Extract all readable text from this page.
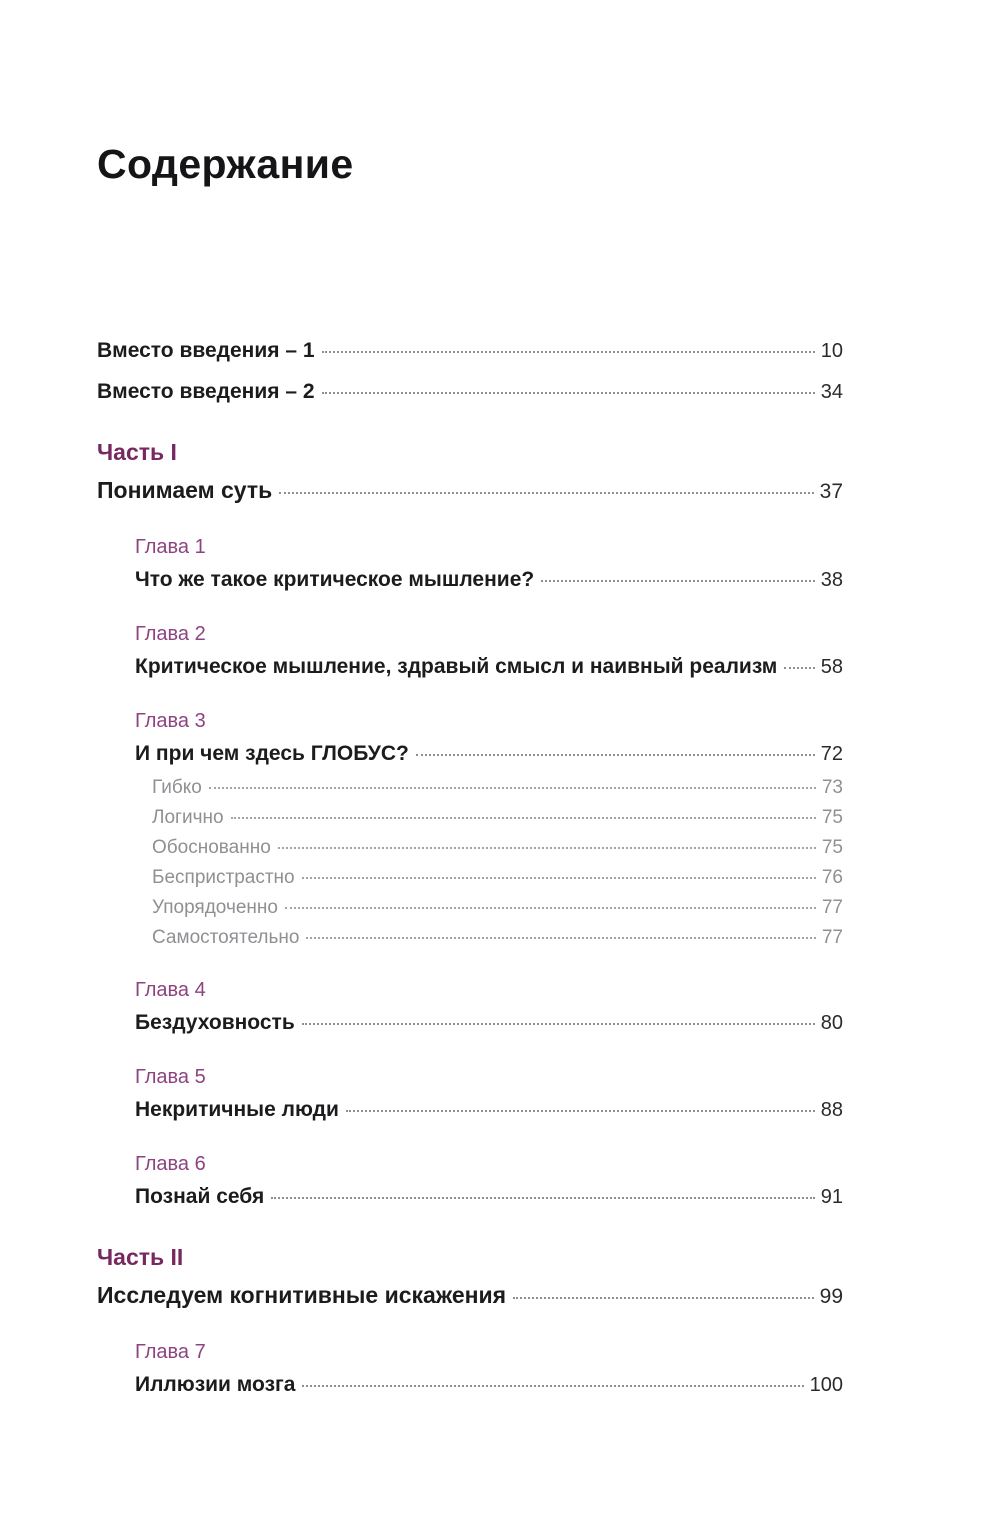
Содержание
Вместо введения – 1	10
Вместо введения – 2	34
Часть I
Понимаем суть	37
Глава 1
Что же такое критическое мышление?	38
Глава 2
Критическое мышление, здравый смысл и наивный реализм 58
Глава 3
И при чем здесь ГЛОБУС?	72
Гибко	73
Логично	75
Обоснованно	75
Беспристрастно	76
Упорядоченно	77
Самостоятельно	77
Глава 4
Бездуховность	80
Глава 5
Некритичные люди	88
Глава 6
Познай себя	91
Часть II
Исследуем когнитивные искажения	99
Глава 7
Иллюзии мозга	100
